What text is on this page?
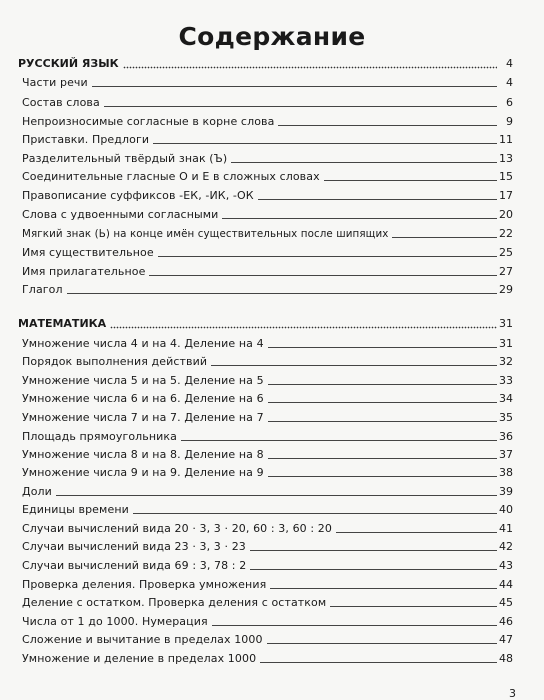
Содержание
РУССКИЙ ЯЗЫК	4
Части речи	4
Состав слова	6
Непроизносимые согласные в корне слова	9
Приставки. Предлоги	11
Разделительный твёрдый знак (Ъ)	13
Соединительные гласные О и Е в сложных словах	15
Правописание суффиксов -ЕК, -ИК, -ОК	17
Слова с удвоенными согласными	20
Мягкий знак (Ь) на конце имён существительных после шипящих	22
Имя существительное	25
Имя прилагательное	27
Глагол	29
МАТЕМАТИКА	31
Умножение числа 4 и на 4. Деление на 4	31
Порядок выполнения действий	32
Умножение числа 5 и на 5. Деление на 5	33
Умножение числа 6 и на 6. Деление на 6	34
Умножение числа 7 и на 7. Деление на 7	35
Площадь прямоугольника	36
Умножение числа 8 и на 8. Деление на 8	37
Умножение числа 9 и на 9. Деление на 9	38
Доли	39
Единицы времени	40
Случаи вычислений вида 20 · 3, 3 · 20, 60 : 3, 60 : 20	41
Случаи вычислений вида 23 · 3, 3 · 23	42
Случаи вычислений вида 69 : 3, 78 : 2	43
Проверка деления. Проверка умножения	44
Деление с остатком. Проверка деления с остатком	45
Числа от 1 до 1000. Нумерация	46
Сложение и вычитание в пределах 1000	47
Умножение и деление в пределах 1000	48
3
